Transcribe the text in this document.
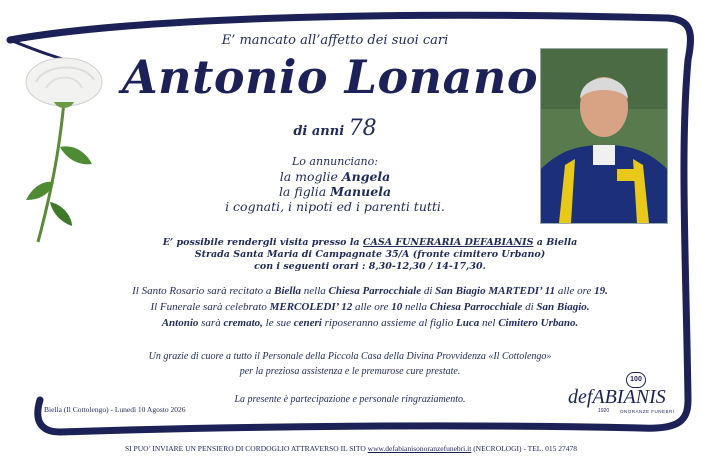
E’ mancato all’affetto dei suoi cari
Antonio Lonano
di anni 78
Lo annunciano:
la moglie Angela
la figlia Manuela
i cognati, i nipoti ed i parenti tutti.
E’ possibile rendergli visita presso la CASA FUNERARIA DEFABIANIS a Biella
Strada Santa Maria di Campagnate 35/A (fronte cimitero Urbano)
con i seguenti orari : 8,30-12,30 / 14-17,30.
Il Santo Rosario sarà recitato a Biella nella Chiesa Parrocchiale di San Biagio MARTEDI’ 11 alle ore 19.
Il Funerale sarà celebrato MERCOLEDI’ 12 alle ore 10 nella Chiesa Parrocchiale di San Biagio.
Antonio sarà cremato, le sue ceneri riposeranno assieme al figlio Luca nel Cimitero Urbano.
Un grazie di cuore a tutto il Personale della Piccola Casa della Divina Provvidenza «Il Cottolengo»
per la preziosa assistenza e le premurose cure prestate.
La presente è partecipazione e personale ringraziamento.
Biella (Il Cottolengo) - Lunedì 10 Agosto 2026
100
defABIANIS
1920 ONORANZE FUNEBRI
SI PUO’ INVIARE UN PENSIERO DI CORDOGLIO ATTRAVERSO IL SITO www.defabianisonoranzefunebri.it (NECROLOGI) - TEL. 015 27478
